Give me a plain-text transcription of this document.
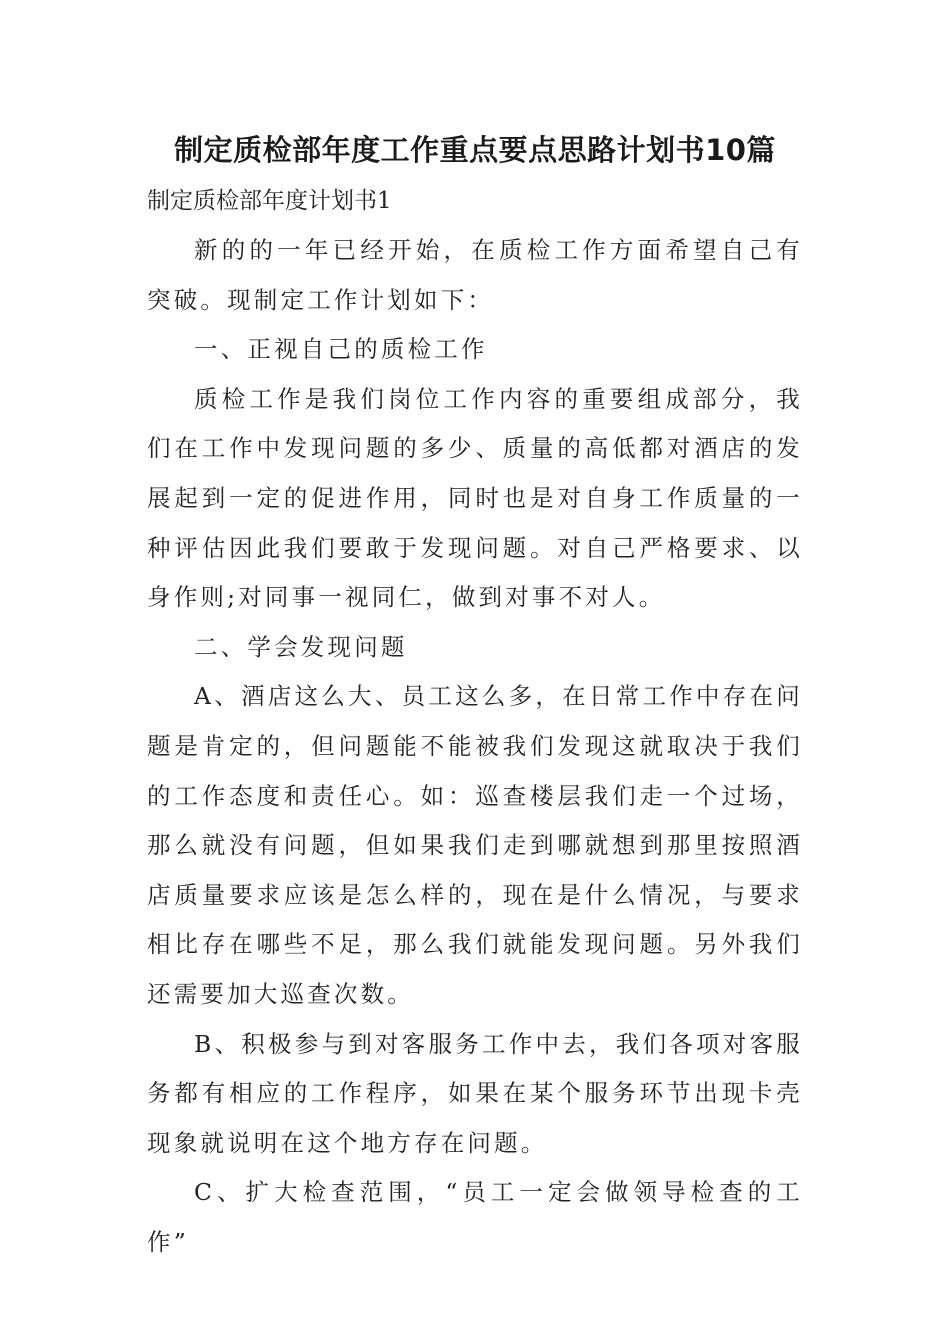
制定质检部年度工作重点要点思路计划书10篇
制定质检部年度计划书1

新的的一年已经开始，在质检工作方面希望自己有突破。现制定工作计划如下：

一、正视自己的质检工作

质检工作是我们岗位工作内容的重要组成部分，我们在工作中发现问题的多少、质量的高低都对酒店的发展起到一定的促进作用，同时也是对自身工作质量的一种评估因此我们要敢于发现问题。对自己严格要求、以身作则;对同事一视同仁，做到对事不对人。

二、学会发现问题

A、酒店这么大、员工这么多，在日常工作中存在问题是肯定的，但问题能不能被我们发现这就取决于我们的工作态度和责任心。如：巡查楼层我们走一个过场，那么就没有问题，但如果我们走到哪就想到那里按照酒店质量要求应该是怎么样的，现在是什么情况，与要求相比存在哪些不足，那么我们就能发现问题。另外我们还需要加大巡查次数。

B、积极参与到对客服务工作中去，我们各项对客服务都有相应的工作程序，如果在某个服务环节出现卡壳现象就说明在这个地方存在问题。

C、扩大检查范围，“员工一定会做领导检查的工作”
